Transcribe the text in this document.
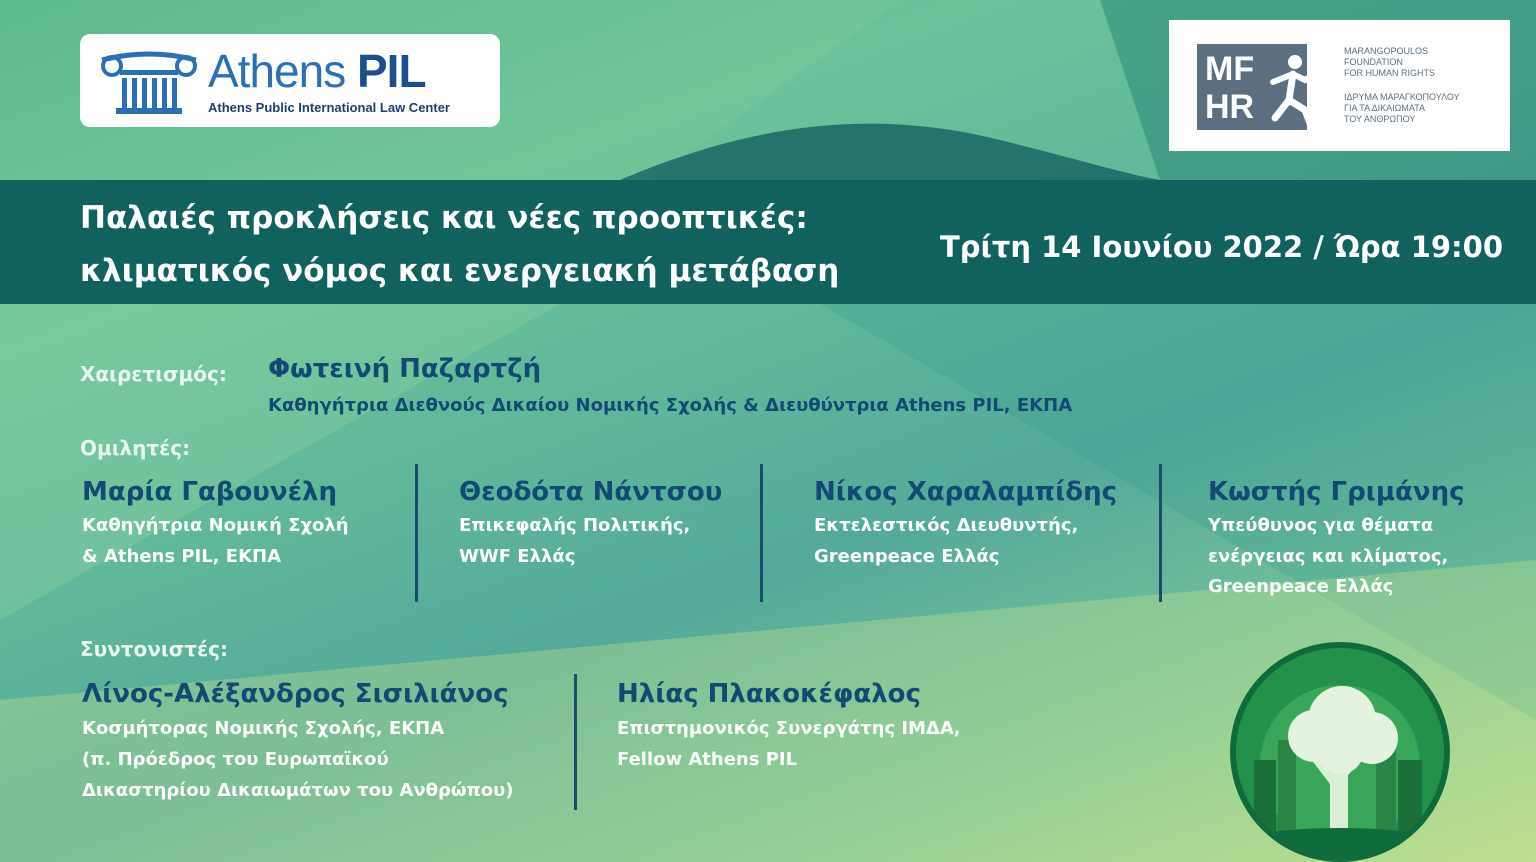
Athens PIL
Athens Public International Law Center
MF
HR
MARANGOPOULOS
FOUNDATION
FOR HUMAN RIGHTS
ΙΔΡΥΜΑ ΜΑΡΑΓΚΟΠΟΥΛΟΥ
ΓΙΑ ΤΑ ΔΙΚΑΙΩΜΑΤΑ
ΤΟΥ ΑΝΘΡΩΠΟΥ
Παλαιές προκλήσεις και νέες προοπτικές:
κλιματικός νόμος και ενεργειακή μετάβαση
Τρίτη 14 Ιουνίου 2022 / Ώρα 19:00
Χαιρετισμός: Φωτεινή Παζαρτζή
Καθηγήτρια Διεθνούς Δικαίου Νομικής Σχολής & Διευθύντρια Athens PIL, ΕΚΠΑ
Ομιλητές:
Μαρία Γαβουνέλη
Καθηγήτρια Νομική Σχολή
& Athens PIL, ΕΚΠΑ
Θεοδότα Νάντσου
Επικεφαλής Πολιτικής,
WWF Ελλάς
Νίκος Χαραλαμπίδης
Εκτελεστικός Διευθυντής,
Greenpeace Ελλάς
Κωστής Γριμάνης
Υπεύθυνος για θέματα
ενέργειας και κλίματος,
Greenpeace Ελλάς
Συντονιστές:
Λίνος-Αλέξανδρος Σισιλιάνος
Κοσμήτορας Νομικής Σχολής, ΕΚΠΑ
(π. Πρόεδρος του Ευρωπαϊκού
Δικαστηρίου Δικαιωμάτων του Ανθρώπου)
Ηλίας Πλακοκέφαλος
Επιστημονικός Συνεργάτης ΙΜΔΑ,
Fellow Athens PIL
